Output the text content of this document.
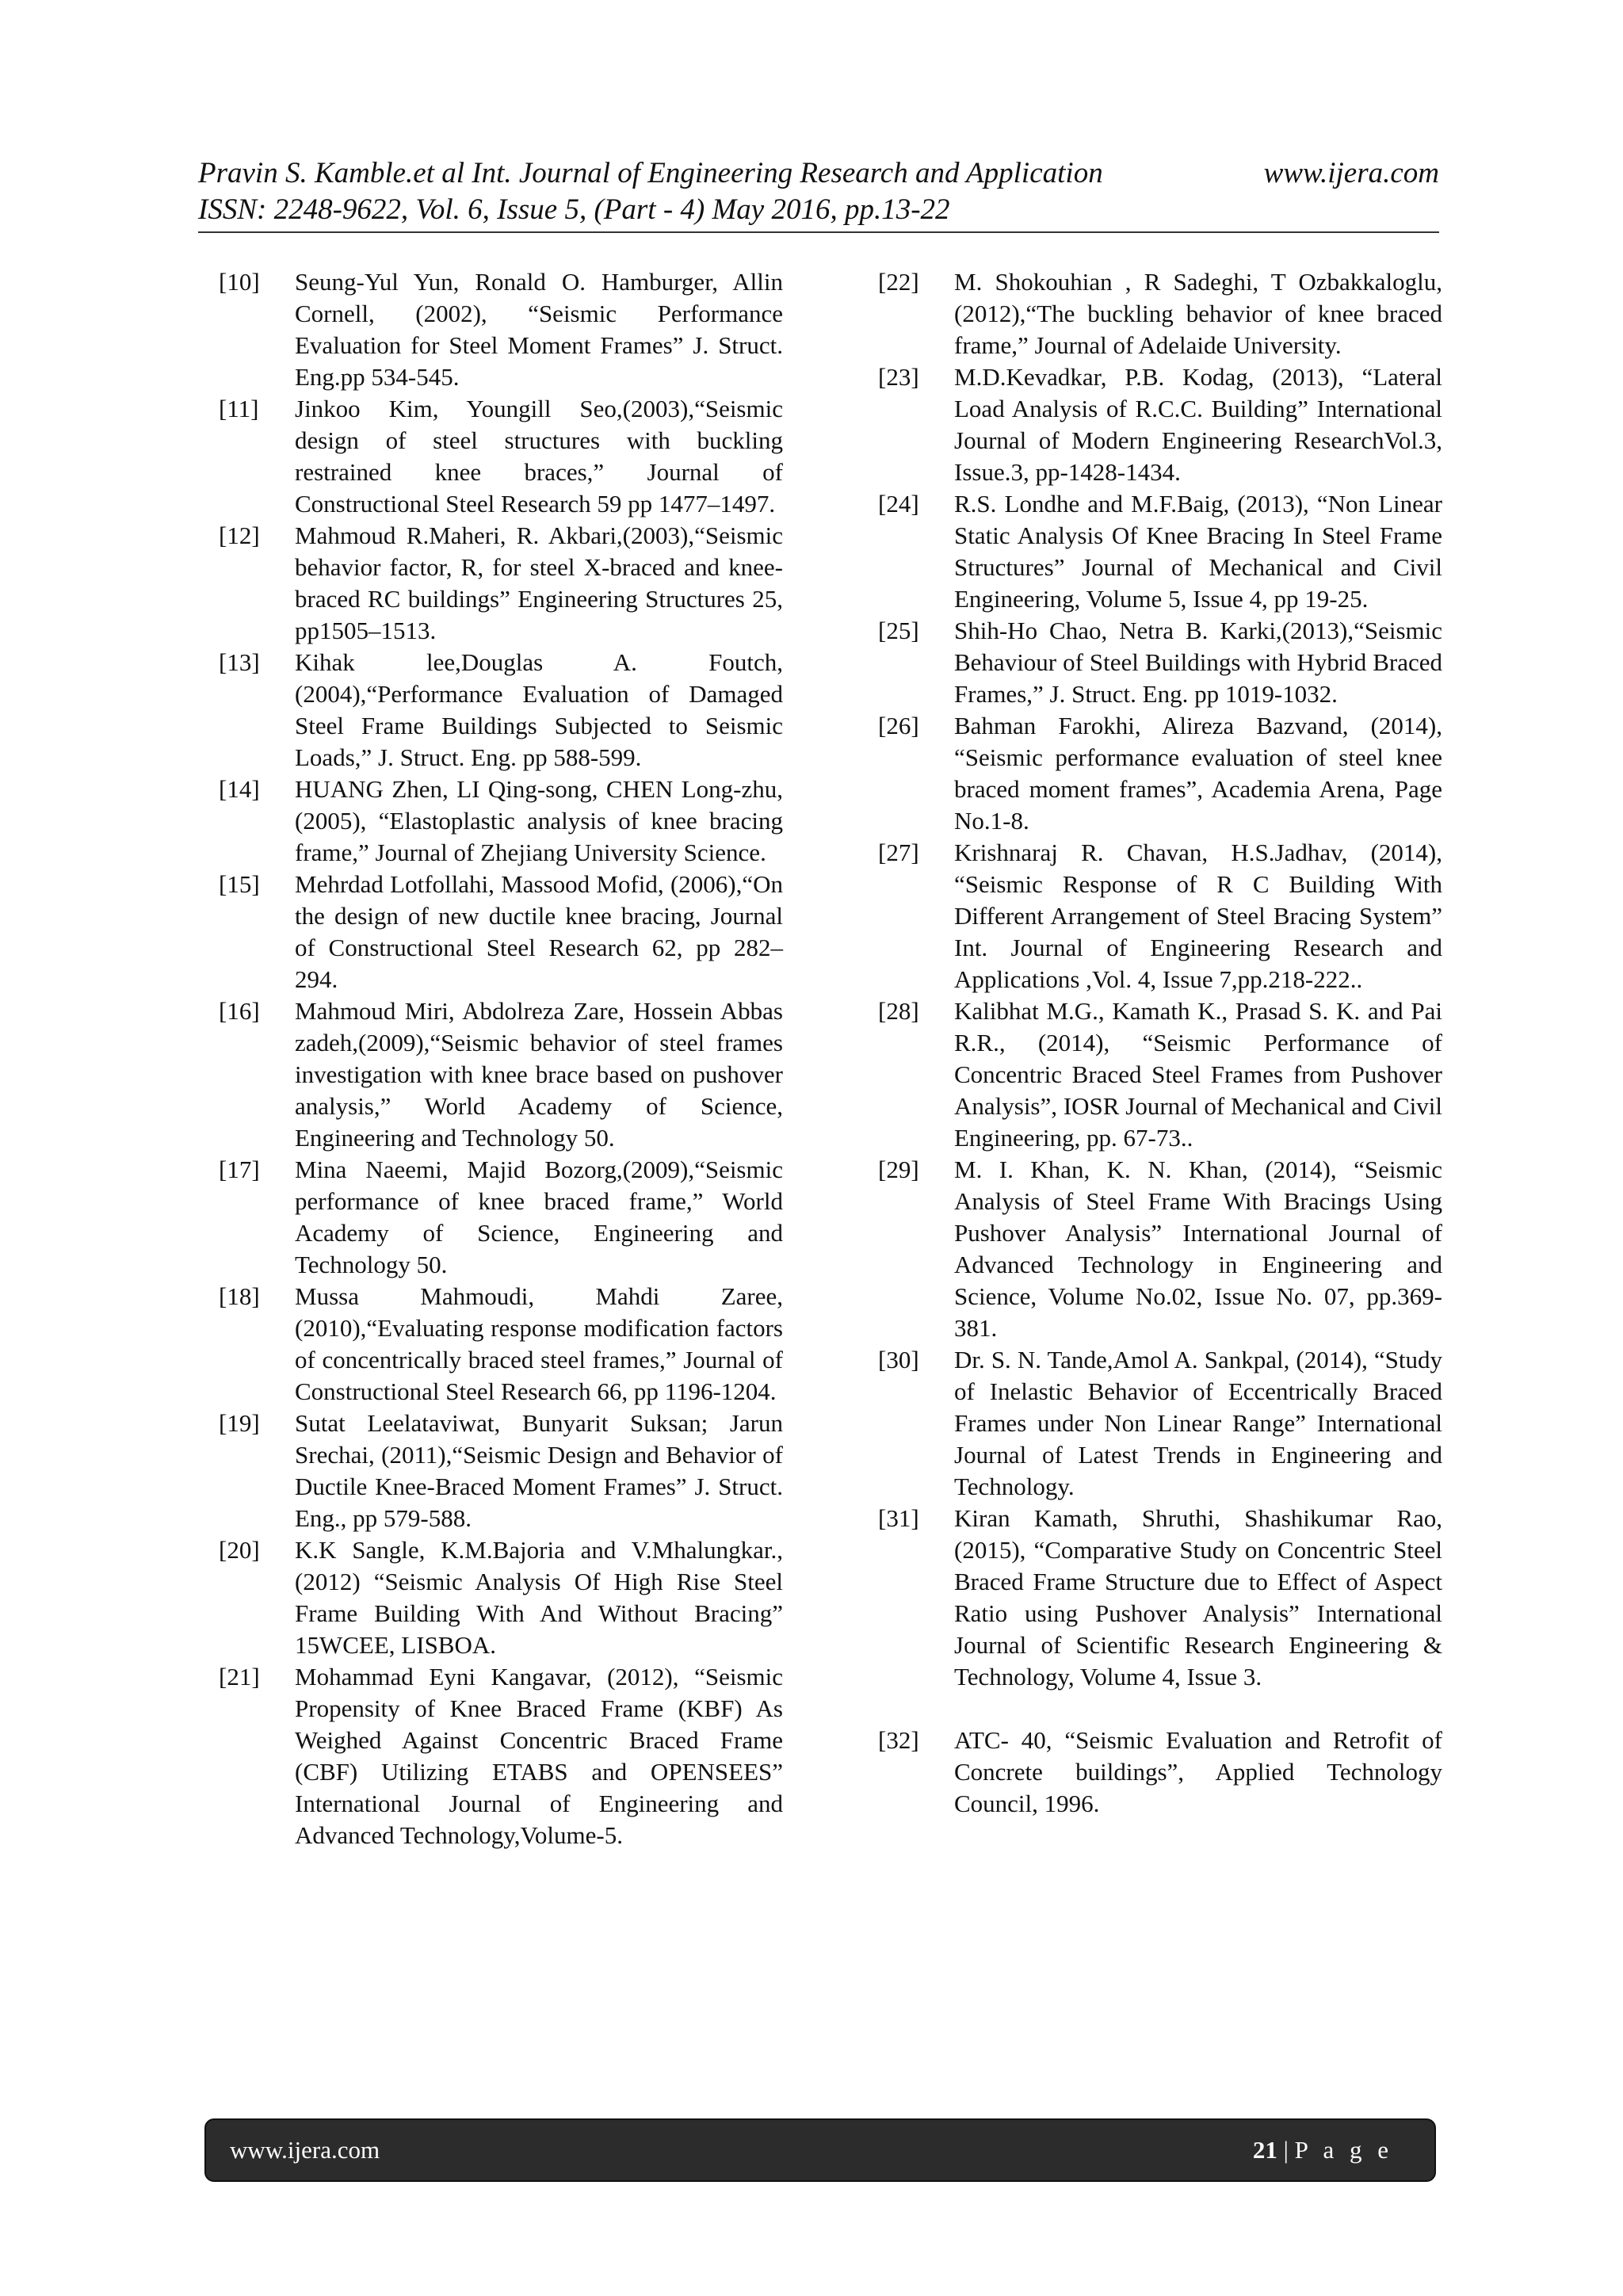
Pravin S. Kamble.et al Int. Journal of Engineering Research and Application	www.ijera.com
ISSN: 2248-9622, Vol. 6, Issue 5, (Part - 4) May 2016, pp.13-22
[10]	Seung-Yul Yun, Ronald O. Hamburger, Allin Cornell, (2002), “Seismic Performance Evaluation for Steel Moment Frames” J. Struct. Eng.pp 534-545.
[11]	Jinkoo Kim, Youngill Seo,(2003),“Seismic design of steel structures with buckling restrained knee braces,” Journal of Constructional Steel Research 59 pp 1477–1497.
[12]	Mahmoud R.Maheri, R. Akbari,(2003),“Seismic behavior factor, R, for steel X-braced and knee-braced RC buildings” Engineering Structures 25, pp1505–1513.
[13]	Kihak lee,Douglas A. Foutch, (2004),“Performance Evaluation of Damaged Steel Frame Buildings Subjected to Seismic Loads,” J. Struct. Eng. pp 588-599.
[14]	HUANG Zhen, LI Qing-song, CHEN Long-zhu, (2005), “Elastoplastic analysis of knee bracing frame,” Journal of Zhejiang University Science.
[15]	Mehrdad Lotfollahi, Massood Mofid, (2006),“On the design of new ductile knee bracing, Journal of Constructional Steel Research 62, pp 282–294.
[16]	Mahmoud Miri, Abdolreza Zare, Hossein Abbas zadeh,(2009),“Seismic behavior of steel frames investigation with knee brace based on pushover analysis,” World Academy of Science, Engineering and Technology 50.
[17]	Mina Naeemi, Majid Bozorg,(2009),“Seismic performance of knee braced frame,” World Academy of Science, Engineering and Technology 50.
[18]	Mussa Mahmoudi, Mahdi Zaree,(2010),“Evaluating response modification factors of concentrically braced steel frames,” Journal of Constructional Steel Research 66, pp 1196-1204.
[19]	Sutat Leelataviwat, Bunyarit Suksan; Jarun Srechai, (2011),“Seismic Design and Behavior of Ductile Knee-Braced Moment Frames” J. Struct. Eng., pp 579-588.
[20]	K.K Sangle, K.M.Bajoria and V.Mhalungkar., (2012) “Seismic Analysis Of High Rise Steel Frame Building With And Without Bracing” 15WCEE, LISBOA.
[21]	Mohammad Eyni Kangavar, (2012), “Seismic Propensity of Knee Braced Frame (KBF) As Weighed Against Concentric Braced Frame (CBF) Utilizing ETABS and OPENSEES” International Journal of Engineering and Advanced Technology,Volume-5.
[22]	M. Shokouhian , R Sadeghi, T Ozbakkaloglu,(2012),“The buckling behavior of knee braced frame,” Journal of Adelaide University.
[23]	M.D.Kevadkar, P.B. Kodag, (2013), “Lateral Load Analysis of R.C.C. Building” International Journal of Modern Engineering ResearchVol.3, Issue.3, pp-1428-1434.
[24]	R.S. Londhe and M.F.Baig, (2013), “Non Linear Static Analysis Of Knee Bracing In Steel Frame Structures” Journal of Mechanical and Civil Engineering, Volume 5, Issue 4, pp 19-25.
[25]	Shih-Ho Chao, Netra B. Karki,(2013),“Seismic Behaviour of Steel Buildings with Hybrid Braced Frames,” J. Struct. Eng. pp 1019-1032.
[26]	Bahman Farokhi, Alireza Bazvand, (2014), “Seismic performance evaluation of steel knee braced moment frames”, Academia Arena, Page No.1-8.
[27]	Krishnaraj R. Chavan, H.S.Jadhav, (2014), “Seismic Response of R C Building With Different Arrangement of Steel Bracing System” Int. Journal of Engineering Research and Applications ,Vol. 4, Issue 7,pp.218-222..
[28]	Kalibhat M.G., Kamath K., Prasad S. K. and Pai R.R., (2014), “Seismic Performance of Concentric Braced Steel Frames from Pushover Analysis”, IOSR Journal of Mechanical and Civil Engineering, pp. 67-73..
[29]	M. I. Khan, K. N. Khan, (2014), “Seismic Analysis of Steel Frame With Bracings Using Pushover Analysis” International Journal of Advanced Technology in Engineering and Science, Volume No.02, Issue No. 07, pp.369-381.
[30]	Dr. S. N. Tande,Amol A. Sankpal, (2014), “Study of Inelastic Behavior of Eccentrically Braced Frames under Non Linear Range” International Journal of Latest Trends in Engineering and Technology.
[31]	Kiran Kamath, Shruthi, Shashikumar Rao, (2015), “Comparative Study on Concentric Steel Braced Frame Structure due to Effect of Aspect Ratio using Pushover Analysis” International Journal of Scientific Research Engineering & Technology, Volume 4, Issue 3.
[32]	ATC- 40, “Seismic Evaluation and Retrofit of Concrete buildings”, Applied Technology Council, 1996.
www.ijera.com	21 | P a g e
